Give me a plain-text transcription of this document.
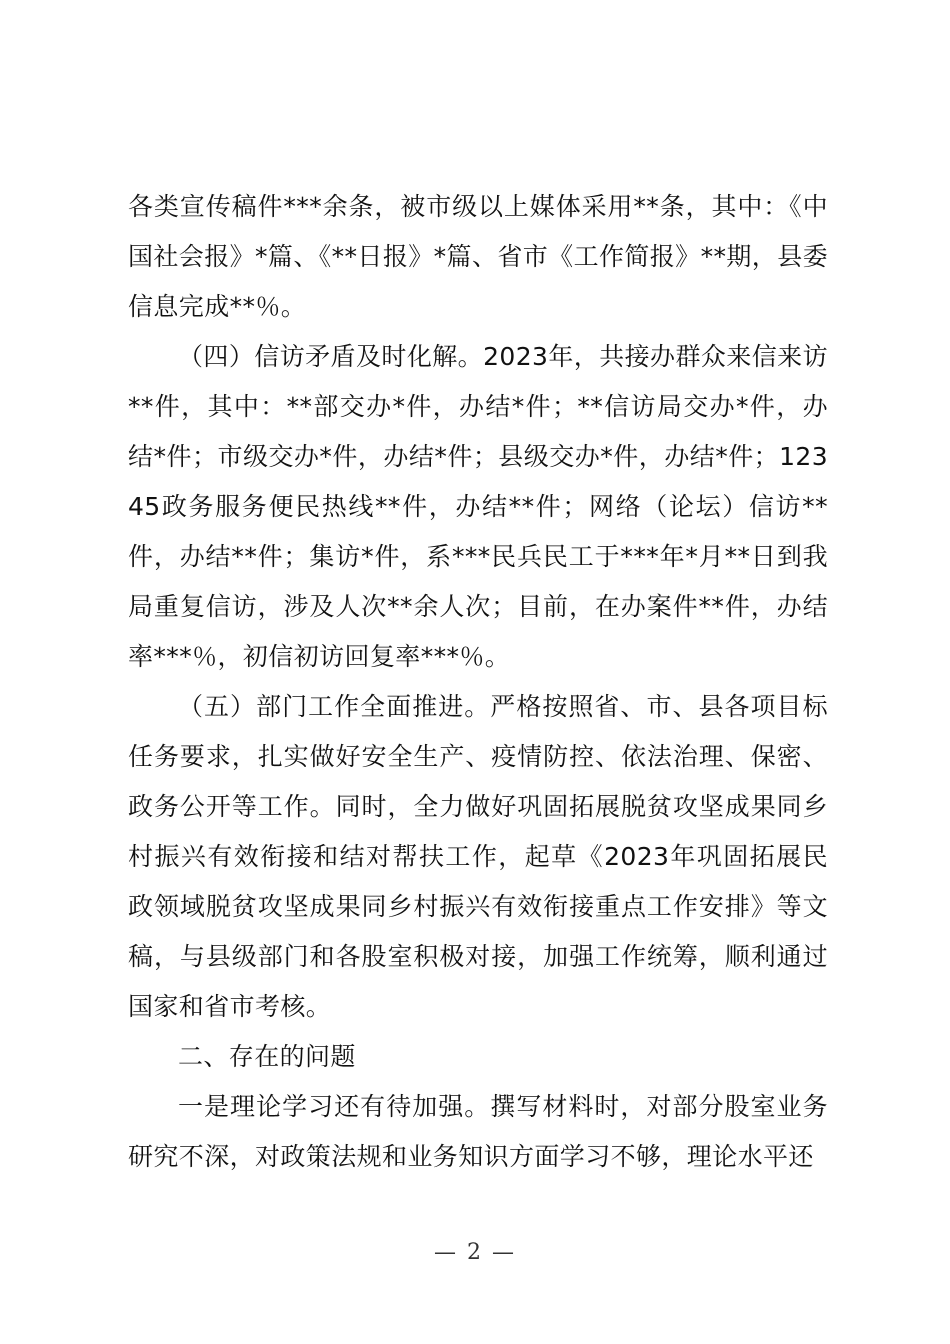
各类宣传稿件***余条，被市级以上媒体采用**条，其中：《中国社会报》*篇、《**日报》*篇、省市《工作简报》**期，县委信息完成**％。

（四）信访矛盾及时化解。2023年，共接办群众来信来访**件，其中：**部交办*件，办结*件；**信访局交办*件，办结*件；市级交办*件，办结*件；县级交办*件，办结*件；12345政务服务便民热线**件，办结**件；网络（论坛）信访**件，办结**件；集访*件，系***民兵民工于***年*月**日到我局重复信访，涉及人次**余人次；目前，在办案件**件，办结率***％，初信初访回复率***％。

（五）部门工作全面推进。严格按照省、市、县各项目标任务要求，扎实做好安全生产、疫情防控、依法治理、保密、政务公开等工作。同时，全力做好巩固拓展脱贫攻坚成果同乡村振兴有效衔接和结对帮扶工作，起草《2023年巩固拓展民政领域脱贫攻坚成果同乡村振兴有效衔接重点工作安排》等文稿，与县级部门和各股室积极对接，加强工作统筹，顺利通过国家和省市考核。

二、存在的问题

一是理论学习还有待加强。撰写材料时，对部分股室业务研究不深，对政策法规和业务知识方面学习不够，理论水平还

— 2 —
